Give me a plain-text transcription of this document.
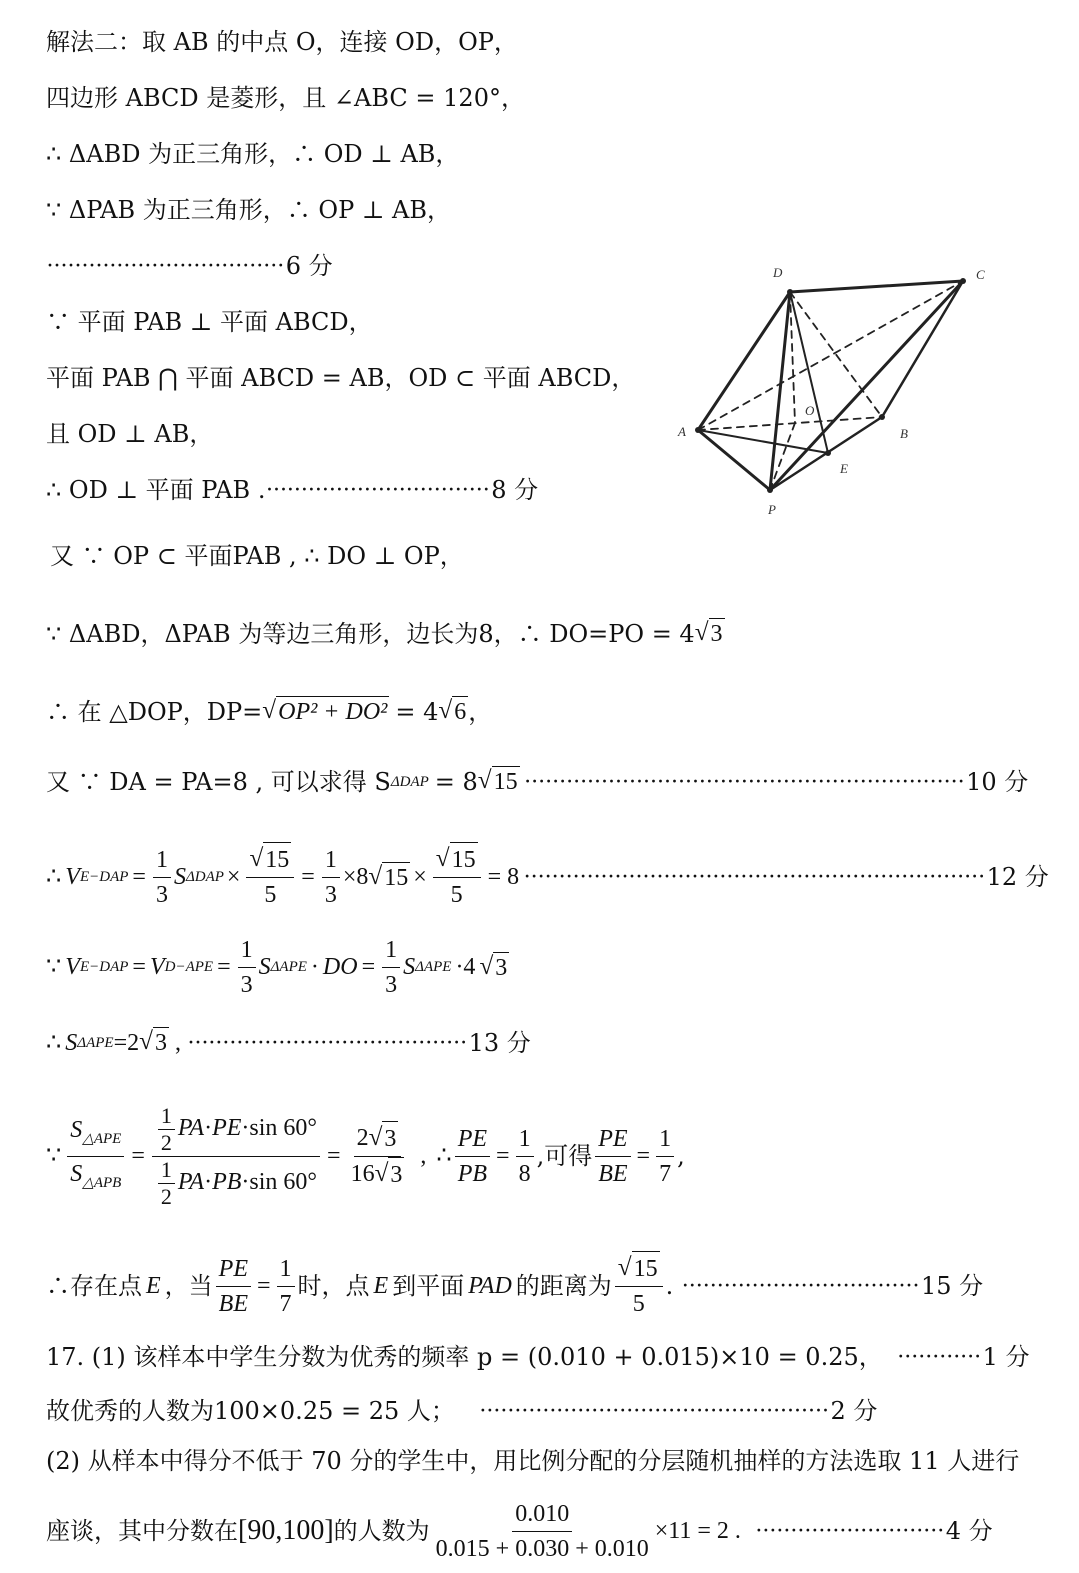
解法二：取 AB 的中点 O，连接 OD，OP，
四边形 ABCD 是菱形，且 ∠ABC = 120°，
∴ ΔABD 为正三角形，∴ OD ⊥ AB，
∵ ΔPAB 为正三角形，∴ OP ⊥ AB，
·································· 6 分
∵ 平面 PAB ⊥ 平面 ABCD，
平面 PAB ⋂ 平面 ABCD = AB，OD ⊂ 平面 ABCD，
且 OD ⊥ AB，
∴ OD ⊥ 平面 PAB . ································ 8 分
又 ∵ OP ⊂ 平面PAB , ∴ DO ⊥ OP，
∵ ΔABD，ΔPAB 为等边三角形，边长为8，∴ DO=PO = 4 √ 3
∴ 在 △DOP，DP= √ OP² + DO² = 4 √ 6 ，
又 ∵ DA = PA=8 , 可以求得 S ΔDAP = 8 √ 15 ······························································· 10 分
∴ V $E-DAP = \frac{1}{3}$ S $\Delta DAP \times \frac{√ 15}{5} = \frac{1}{3} \times 8$ √ $15 \times \frac{√ 15}{5} = 8$ ·································································· 12 分
∵ V E−DAP = V $D-APE = \frac{1}{3}$ S ΔAPE · DO = $\frac{1}{3}$ S ΔAPE ·4 √ 3
∴ S ΔAPE =2 √ 3 , ········································ 13 分
∵ $\frac{S_{\triangle APE}}{S_{\triangle APB}} = \frac{\frac{1}{2} PA\cdot PE\cdot\sin 60^\circ}{\frac{1}{2} PA\cdot PB\cdot\sin 60^\circ} = \frac{2 √ 3}{16 √ 3}$ , ∴ $\frac{PE}{PB} = \frac{1}{8}$ ,可得 $\frac{PE}{BE} = \frac{1}{7}$ ,
∴存在点 E ，当 $\frac{PE}{BE} = \frac{1}{7}$ 时，点 E 到平面 PAD 的距离为 $\frac{√ 15}{5}$ . ·································· 15 分
17. (1) 该样本中学生分数为优秀的频率 p = (0.010 + 0.015)×10 = 0.25， ············ 1 分
故优秀的人数为100×0.25 = 25 人； ·················································· 2 分
(2) 从样本中得分不低于 70 分的学生中，用比例分配的分层随机抽样的方法选取 11 人进行
座谈，其中分数在 [90,100] 的人数为 $\frac{0.010}{0.015 + 0.030 + 0.010} \times 11 = 2$ . ··························· 4 分
D	C
A	B
P
E
O
